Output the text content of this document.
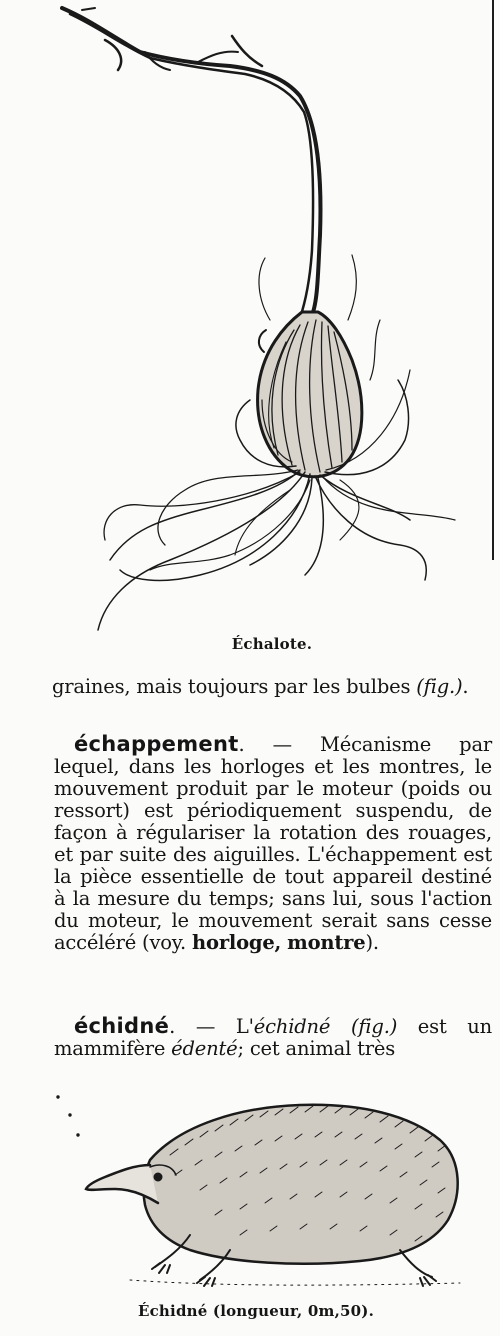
Échalote.

graines, mais toujours par les bulbes (fig.).

échappement. — Mécanisme par lequel, dans les horloges et les montres, le mouvement produit par le moteur (poids ou ressort) est périodiquement suspendu, de façon à régulariser la rotation des rouages, et par suite des aiguilles. L'échappement est la pièce essentielle de tout appareil destiné à la mesure du temps; sans lui, sous l'action du moteur, le mouvement serait sans cesse accéléré (voy. horloge, montre).

échidné. — L'échidné (fig.) est un mammifère édenté; cet animal très

Échidné (longueur, 0m,50).
